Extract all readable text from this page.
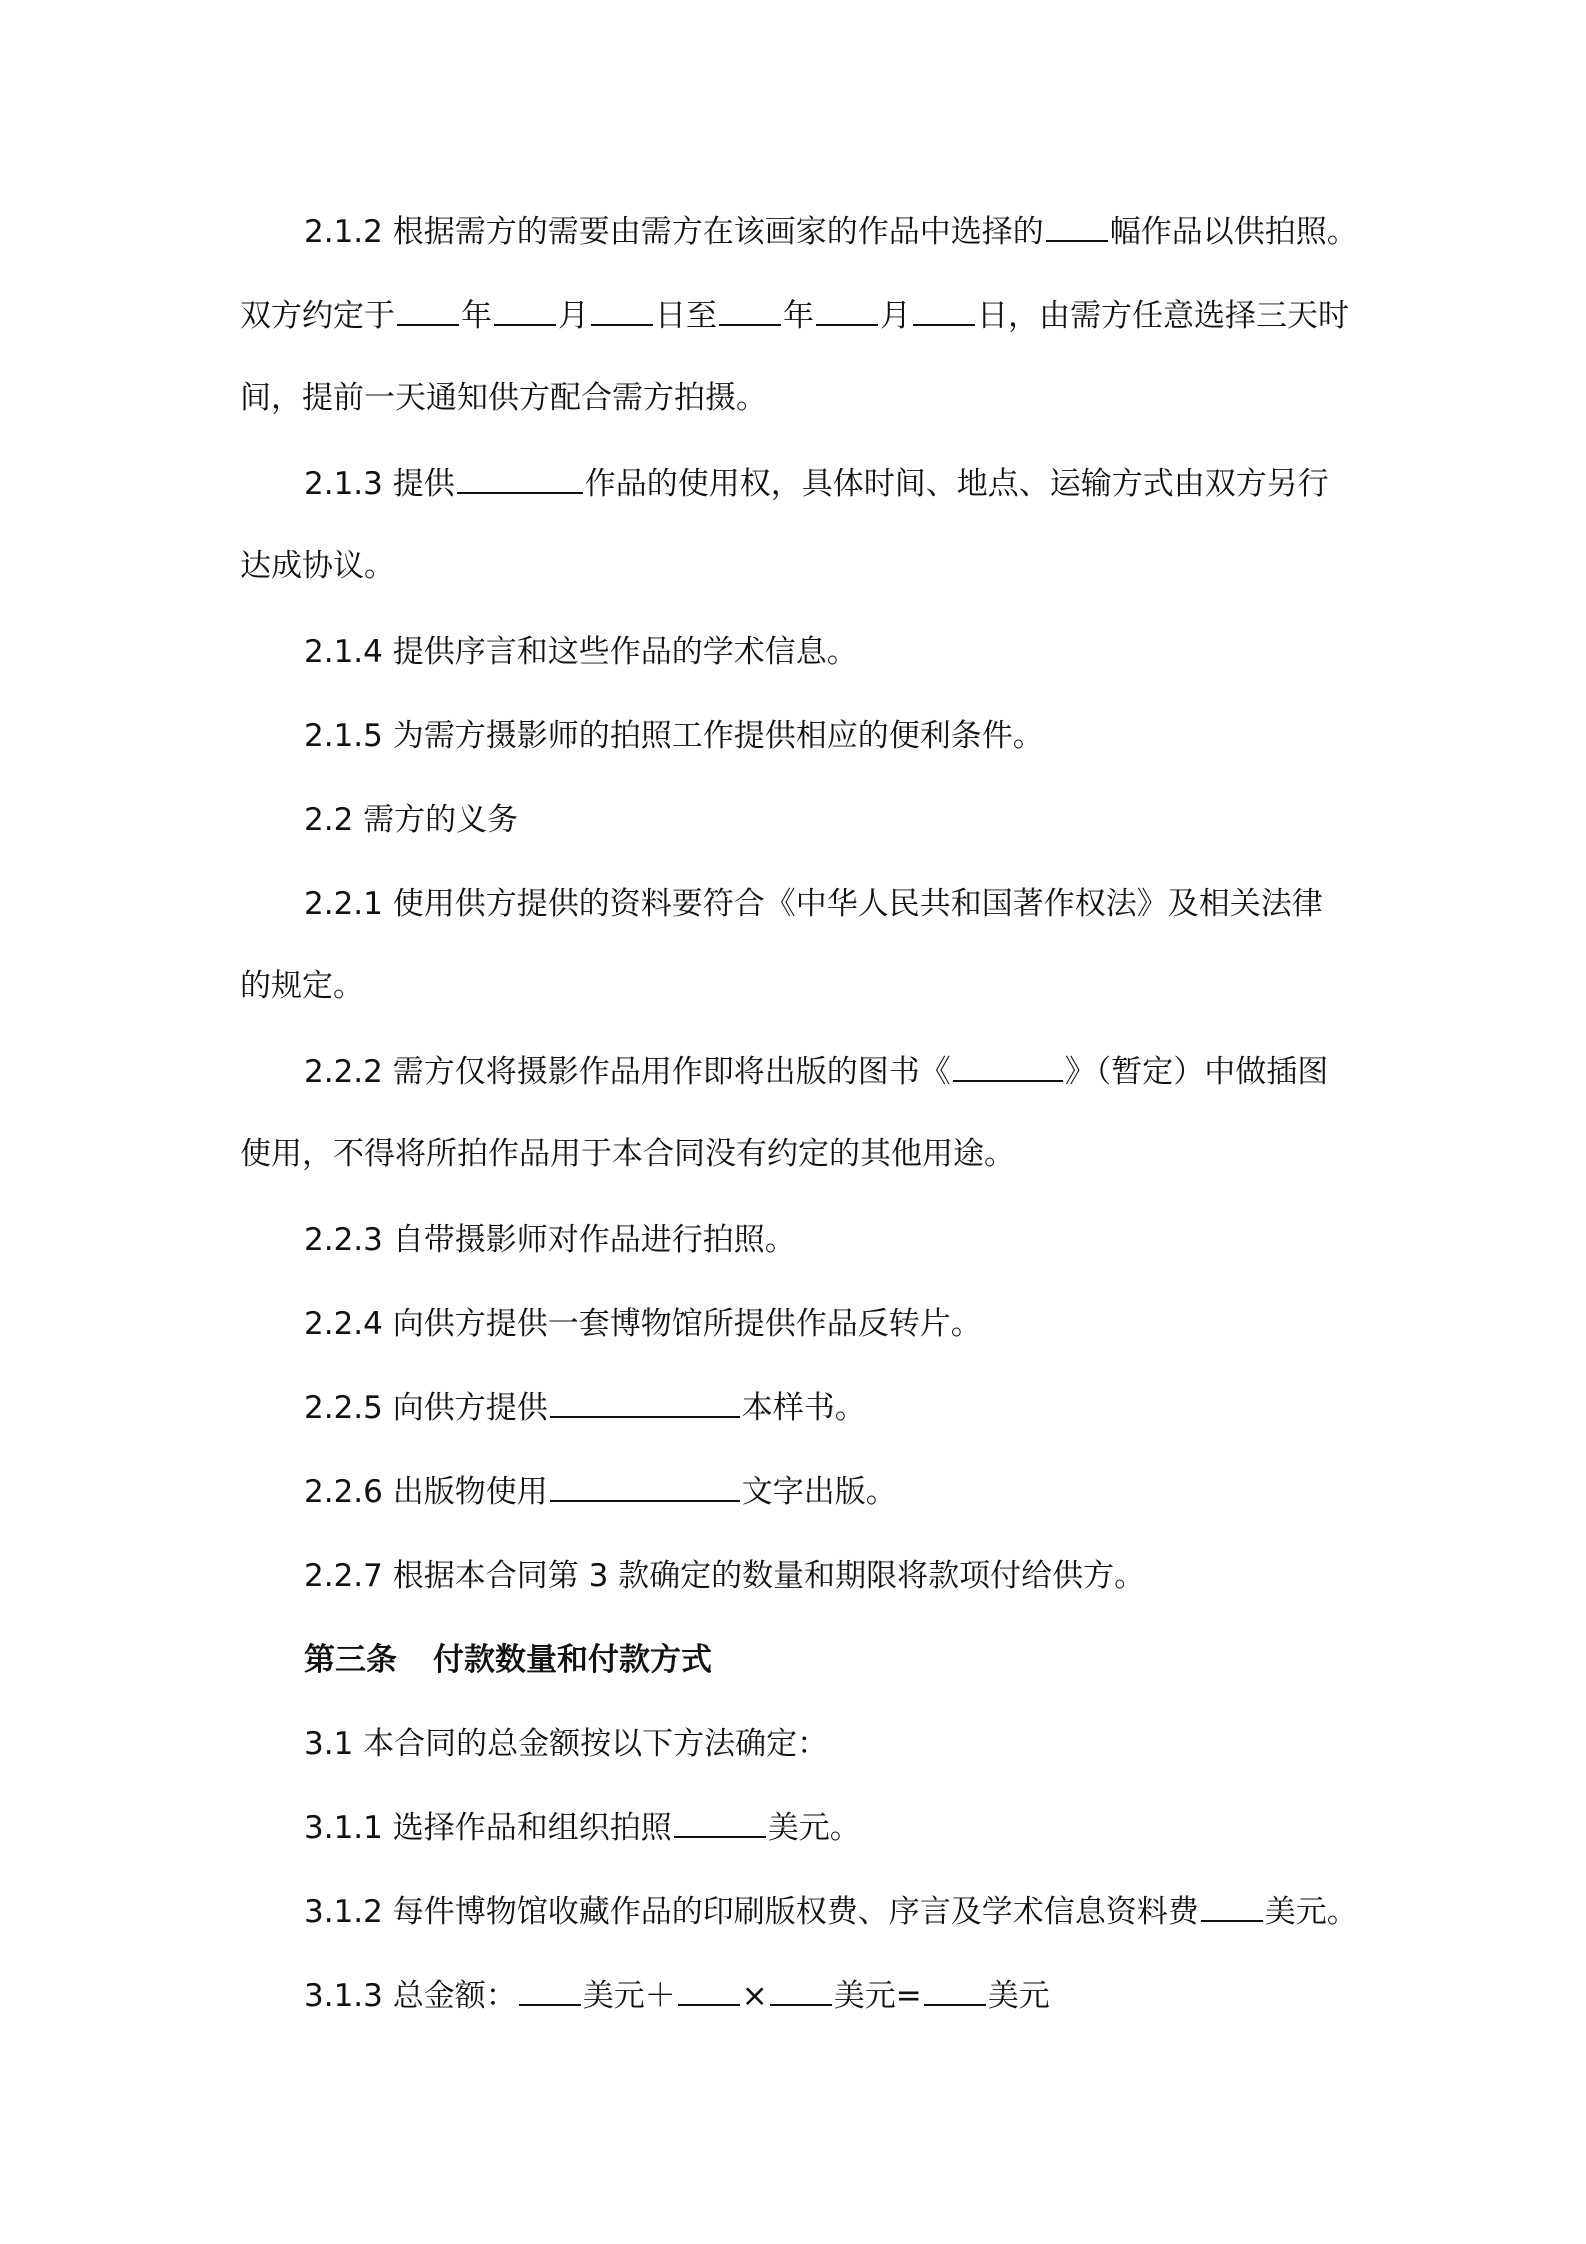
2.1.2 根据需方的需要由需方在该画家的作品中选择的 幅作品以供拍照。
双方约定于 年 月 日至 年 月 日，由需方任意选择三天时
间，提前一天通知供方配合需方拍摄。
2.1.3 提供	作品的使用权，具体时间、地点、运输方式由双方另行
达成协议。
2.1.4 提供序言和这些作品的学术信息。
2.1.5 为需方摄影师的拍照工作提供相应的便利条件。
2.2 需方的义务
2.2.1 使用供方提供的资料要符合《中华人民共和国著作权法》及相关法律
的规定。
2.2.2 需方仅将摄影作品用作即将出版的图书《	》（暂定）中做插图
使用，不得将所拍作品用于本合同没有约定的其他用途。
2.2.3 自带摄影师对作品进行拍照。
2.2.4 向供方提供一套博物馆所提供作品反转片。
2.2.5 向供方提供	本样书。
2.2.6 出版物使用	文字出版。
2.2.7 根据本合同第 3 款确定的数量和期限将款项付给供方。
第三条 付款数量和付款方式
3.1 本合同的总金额按以下方法确定：
3.1.1 选择作品和组织拍照	美元。
3.1.2 每件博物馆收藏作品的印刷版权费、序言及学术信息资料费 美元。
3.1.3 总金额： 美元＋ × 美元= 美元
